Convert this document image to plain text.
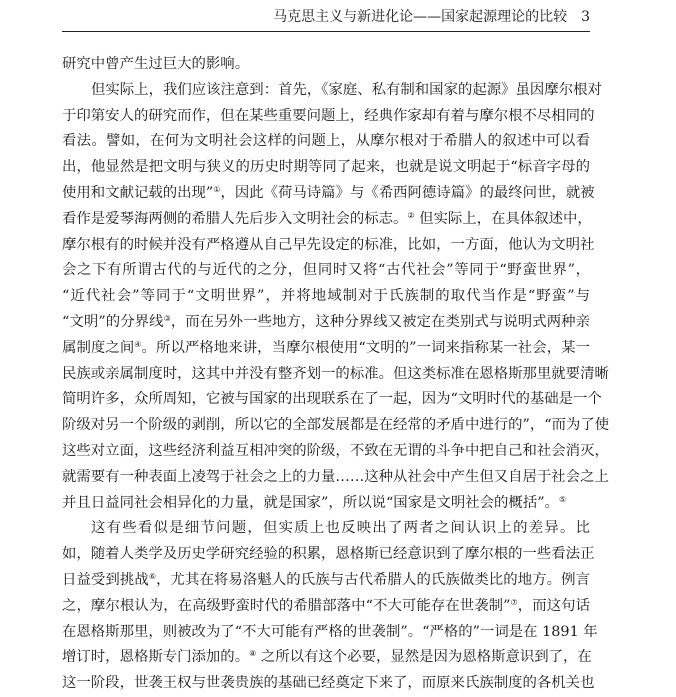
马克思主义与新进化论——国家起源理论的比较 3
研究中曾产生过巨大的影响。
但实际上，我们应该注意到：首先，《家庭、私有制和国家的起源》虽因摩尔根对
于印第安人的研究而作，但在某些重要问题上，经典作家却有着与摩尔根不尽相同的
看法。譬如，在何为文明社会这样的问题上，从摩尔根对于希腊人的叙述中可以看
出，他显然是把文明与狭义的历史时期等同了起来，也就是说文明起于“标音字母的
使用和文献记载的出现”①，因此《荷马诗篇》与《希西阿德诗篇》的最终问世，就被
看作是爱琴海两侧的希腊人先后步入文明社会的标志。② 但实际上，在具体叙述中，
摩尔根有的时候并没有严格遵从自己早先设定的标准，比如，一方面，他认为文明社
会之下有所谓古代的与近代的之分，但同时又将“古代社会”等同于“野蛮世界”，
“近代社会”等同于“文明世界”，并将地域制对于氏族制的取代当作是“野蛮”与
“文明”的分界线③，而在另外一些地方，这种分界线又被定在类别式与说明式两种亲
属制度之间④。所以严格地来讲，当摩尔根使用“文明的”一词来指称某一社会，某一
民族或亲属制度时，这其中并没有整齐划一的标准。但这类标准在恩格斯那里就要清晰
简明许多，众所周知，它被与国家的出现联系在了一起，因为“文明时代的基础是一个
阶级对另一个阶级的剥削，所以它的全部发展都是在经常的矛盾中进行的”，“而为了使
这些对立面，这些经济利益互相冲突的阶级，不致在无谓的斗争中把自己和社会消灭，
就需要有一种表面上凌驾于社会之上的力量……这种从社会中产生但又自居于社会之上
并且日益同社会相异化的力量，就是国家”，所以说“国家是文明社会的概括”。⑤
这有些看似是细节问题，但实质上也反映出了两者之间认识上的差异。比
如，随着人类学及历史学研究经验的积累，恩格斯已经意识到了摩尔根的一些看法正
日益受到挑战⑥，尤其在将易洛魁人的氏族与古代希腊人的氏族做类比的地方。例言
之，摩尔根认为，在高级野蛮时代的希腊部落中“不大可能存在世袭制”⑦，而这句话
在恩格斯那里，则被改为了“不大可能有严格的世袭制”。“严格的”一词是在 1891 年
增订时，恩格斯专门添加的。⑧ 之所以有这个必要，显然是因为恩格斯意识到了，在
这一阶段，世袭王权与世袭贵族的基础已经奠定下来了，而原来氏族制度的各机关也
